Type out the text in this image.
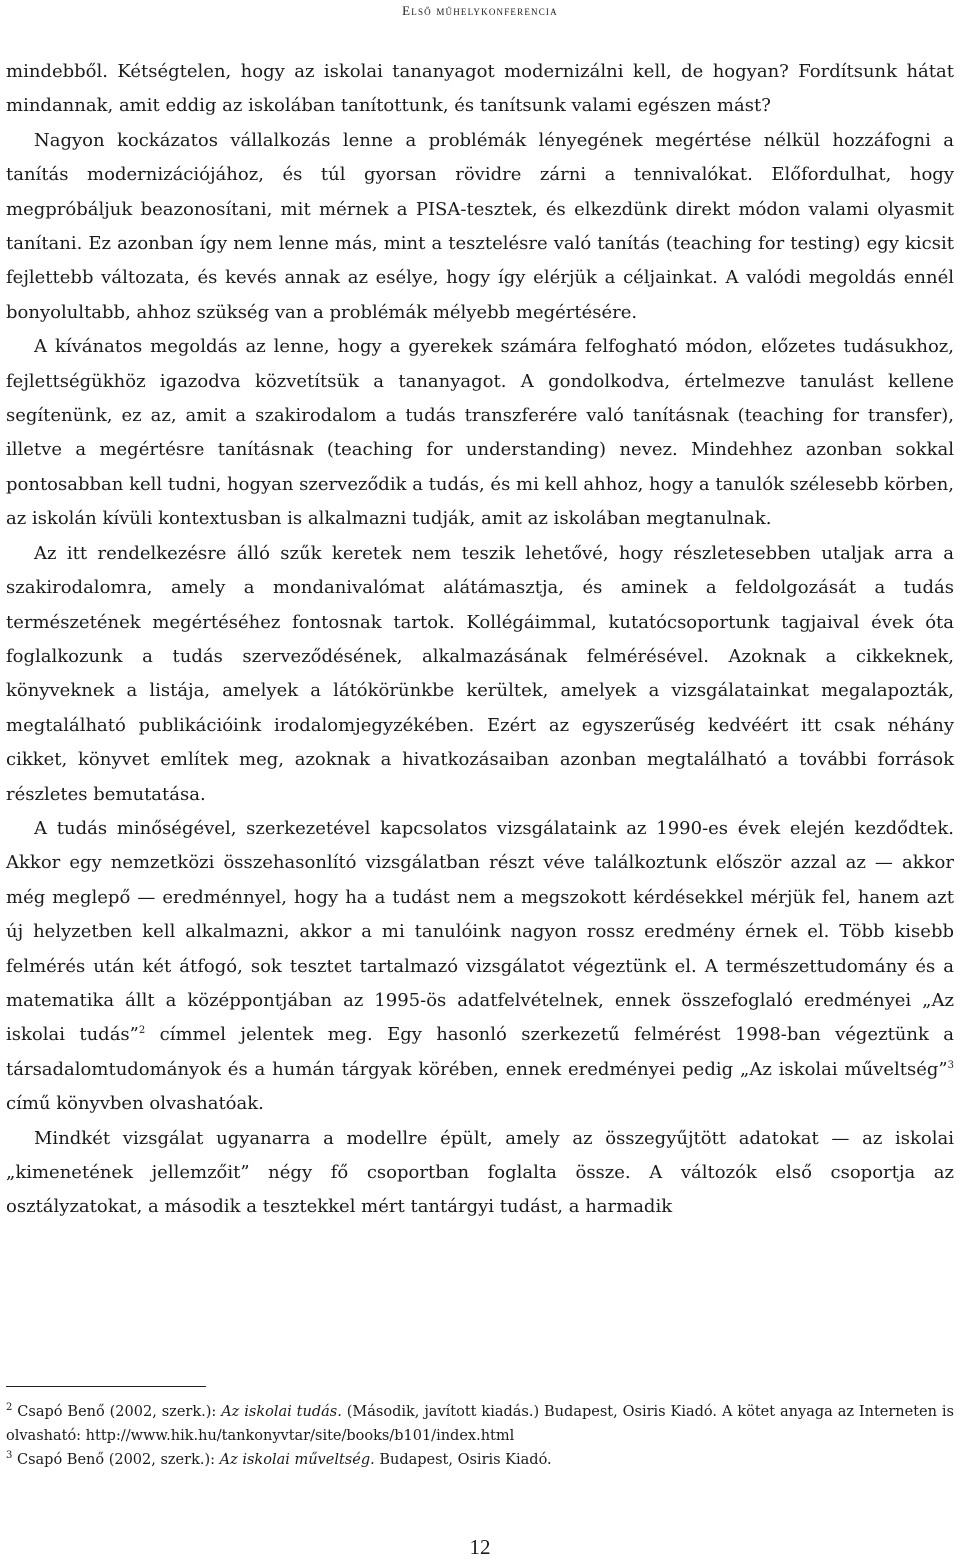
Első műhelykonferencia

mindebből. Kétségtelen, hogy az iskolai tananyagot modernizálni kell, de hogyan? Fordítsunk hátat mindannak, amit eddig az iskolában tanítottunk, és tanítsunk valami egészen mást?

Nagyon kockázatos vállalkozás lenne a problémák lényegének megértése nélkül hozzáfogni a tanítás modernizációjához, és túl gyorsan rövidre zárni a tennivalókat. Előfordulhat, hogy megpróbáljuk beazonosítani, mit mérnek a PISA-tesztek, és elkezdünk direkt módon valami olyasmit tanítani. Ez azonban így nem lenne más, mint a tesztelésre való tanítás (teaching for testing) egy kicsit fejlettebb változata, és kevés annak az esélye, hogy így elérjük a céljainkat. A valódi megoldás ennél bonyolultabb, ahhoz szükség van a problémák mélyebb megértésére.

A kívánatos megoldás az lenne, hogy a gyerekek számára felfogható módon, előzetes tudásukhoz, fejlettségükhöz igazodva közvetítsük a tananyagot. A gondolkodva, értelmezve tanulást kellene segítenünk, ez az, amit a szakirodalom a tudás transzferére való tanításnak (teaching for transfer), illetve a megértésre tanításnak (teaching for understanding) nevez. Mindehhez azonban sokkal pontosabban kell tudni, hogyan szerveződik a tudás, és mi kell ahhoz, hogy a tanulók szélesebb körben, az iskolán kívüli kontextusban is alkalmazni tudják, amit az iskolában megtanulnak.

Az itt rendelkezésre álló szűk keretek nem teszik lehetővé, hogy részletesebben utaljak arra a szakirodalomra, amely a mondanivalómat alátámasztja, és aminek a feldolgozását a tudás természetének megértéséhez fontosnak tartok. Kollégáimmal, kutatócsoportunk tagjaival évek óta foglalkozunk a tudás szerveződésének, alkalmazásának felmérésével. Azoknak a cikkeknek, könyveknek a listája, amelyek a látókörünkbe kerültek, amelyek a vizsgálatainkat megalapozták, megtalálható publikációink irodalomjegyzékében. Ezért az egyszerűség kedvéért itt csak néhány cikket, könyvet említek meg, azoknak a hivatkozásaiban azonban megtalálható a további források részletes bemutatása.

A tudás minőségével, szerkezetével kapcsolatos vizsgálataink az 1990-es évek elején kezdődtek. Akkor egy nemzetközi összehasonlító vizsgálatban részt véve találkoztunk először azzal az — akkor még meglepő — eredménnyel, hogy ha a tudást nem a megszokott kérdésekkel mérjük fel, hanem azt új helyzetben kell alkalmazni, akkor a mi tanulóink nagyon rossz eredmény érnek el. Több kisebb felmérés után két átfogó, sok tesztet tartalmazó vizsgálatot végeztünk el. A természettudomány és a matematika állt a középpontjában az 1995-ös adatfelvételnek, ennek összefoglaló eredményei „Az iskolai tudás”$^2$ címmel jelentek meg. Egy hasonló szerkezetű felmérést 1998-ban végeztünk a társadalomtudományok és a humán tárgyak körében, ennek eredményei pedig „Az iskolai műveltség”$^3$ című könyvben olvashatóak.

Mindkét vizsgálat ugyanarra a modellre épült, amely az összegyűjtött adatokat — az iskolai „kimenetének jellemzőit” négy fő csoportban foglalta össze. A változók első csoportja az osztályzatokat, a második a tesztekkel mért tantárgyi tudást, a harmadik

$^2$ Csapó Benő (2002, szerk.): Az iskolai tudás. (Második, javított kiadás.) Budapest, Osiris Kiadó. A kötet anyaga az Interneten is olvasható: http://www.hik.hu/tankonyvtar/site/books/b101/index.html

$^3$ Csapó Benő (2002, szerk.): Az iskolai műveltség. Budapest, Osiris Kiadó.

12
